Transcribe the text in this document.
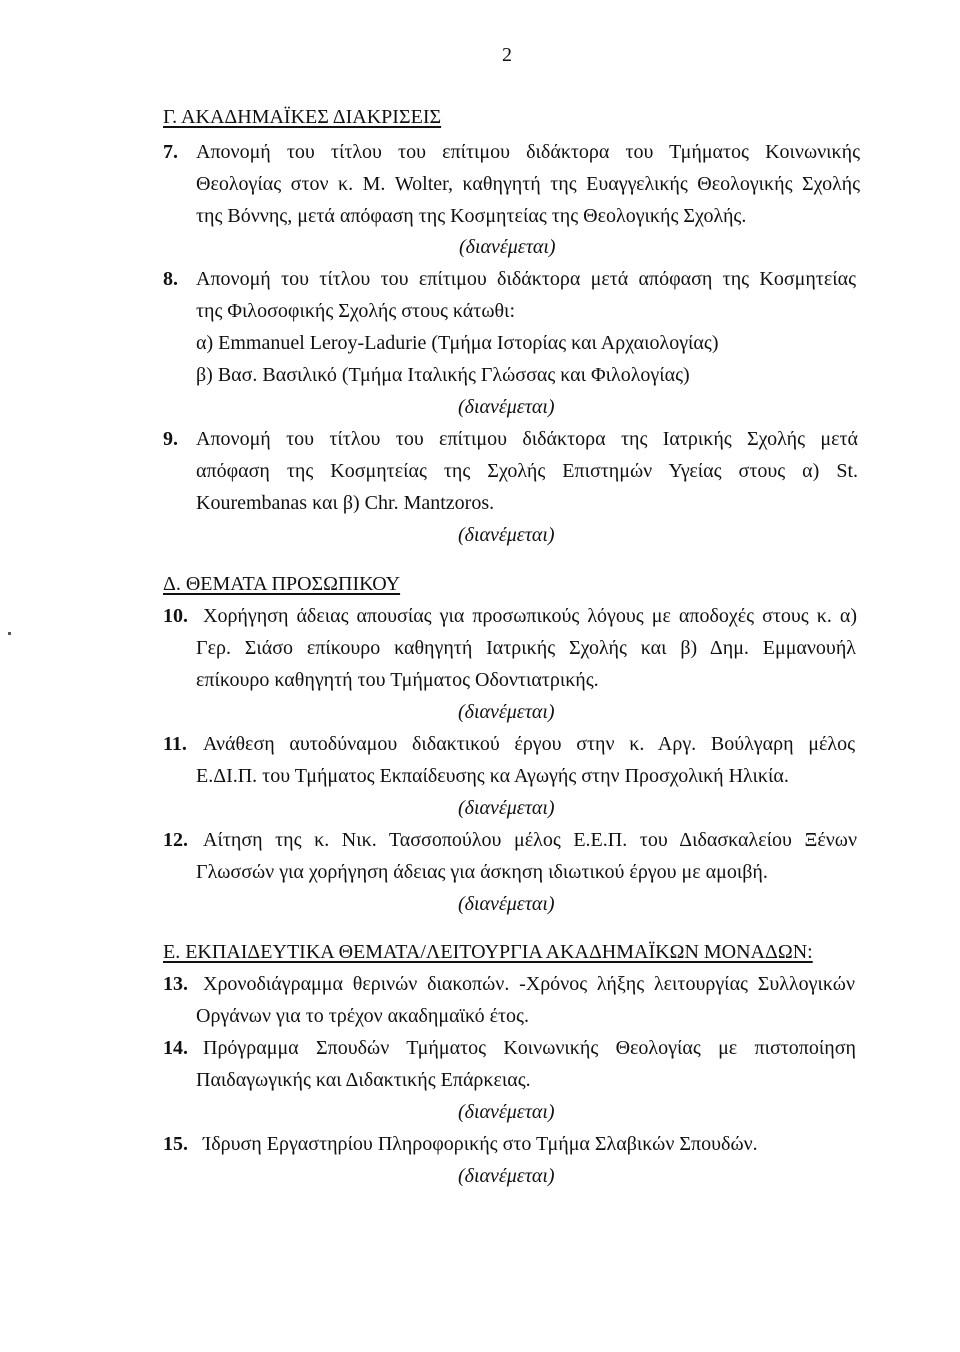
2
Γ. ΑΚΑΔΗΜΑΪΚΕΣ ΔΙΑΚΡΙΣΕΙΣ
7. Απονομή του τίτλου του επίτιμου διδάκτορα του Τμήματος Κοινωνικής
Θεολογίας στον κ. Μ. Wolter, καθηγητή της Ευαγγελικής Θεολογικής Σχολής
της Βόννης, μετά απόφαση της Κοσμητείας της Θεολογικής Σχολής.
(διανέμεται)
8. Απονομή του τίτλου του επίτιμου διδάκτορα μετά απόφαση της Κοσμητείας
της Φιλοσοφικής Σχολής στους κάτωθι:
α) Emmanuel Leroy-Ladurie (Τμήμα Ιστορίας και Αρχαιολογίας)
β) Βασ. Βασιλικό (Τμήμα Ιταλικής Γλώσσας και Φιλολογίας)
(διανέμεται)
9. Απονομή του τίτλου του επίτιμου διδάκτορα της Ιατρικής Σχολής μετά
απόφαση της Κοσμητείας της Σχολής Επιστημών Υγείας στους α) St.
Kourembanas και β) Chr. Mantzoros.
(διανέμεται)
Δ. ΘΕΜΑΤΑ ΠΡΟΣΩΠΙΚΟΥ
10. Χορήγηση άδειας απουσίας για προσωπικούς λόγους με αποδοχές στους κ. α)
Γερ. Σιάσο επίκουρο καθηγητή Ιατρικής Σχολής και β) Δημ. Εμμανουήλ
επίκουρο καθηγητή του Τμήματος Οδοντιατρικής.
(διανέμεται)
11. Ανάθεση αυτοδύναμου διδακτικού έργου στην κ. Αργ. Βούλγαρη μέλος
Ε.ΔΙ.Π. του Τμήματος Εκπαίδευσης κα Αγωγής στην Προσχολική Ηλικία.
(διανέμεται)
12. Αίτηση της κ. Νικ. Τασσοπούλου μέλος Ε.Ε.Π. του Διδασκαλείου Ξένων
Γλωσσών για χορήγηση άδειας για άσκηση ιδιωτικού έργου με αμοιβή.
(διανέμεται)
Ε. ΕΚΠΑΙΔΕΥΤΙΚΑ ΘΕΜΑΤΑ/ΛΕΙΤΟΥΡΓΙΑ ΑΚΑΔΗΜΑΪΚΩΝ ΜΟΝΑΔΩΝ:
13. Χρονοδιάγραμμα θερινών διακοπών. -Χρόνος λήξης λειτουργίας Συλλογικών
Οργάνων για το τρέχον ακαδημαϊκό έτος.
14. Πρόγραμμα Σπουδών Τμήματος Κοινωνικής Θεολογίας με πιστοποίηση
Παιδαγωγικής και Διδακτικής Επάρκειας.
(διανέμεται)
15. Ίδρυση Εργαστηρίου Πληροφορικής στο Τμήμα Σλαβικών Σπουδών.
(διανέμεται)
